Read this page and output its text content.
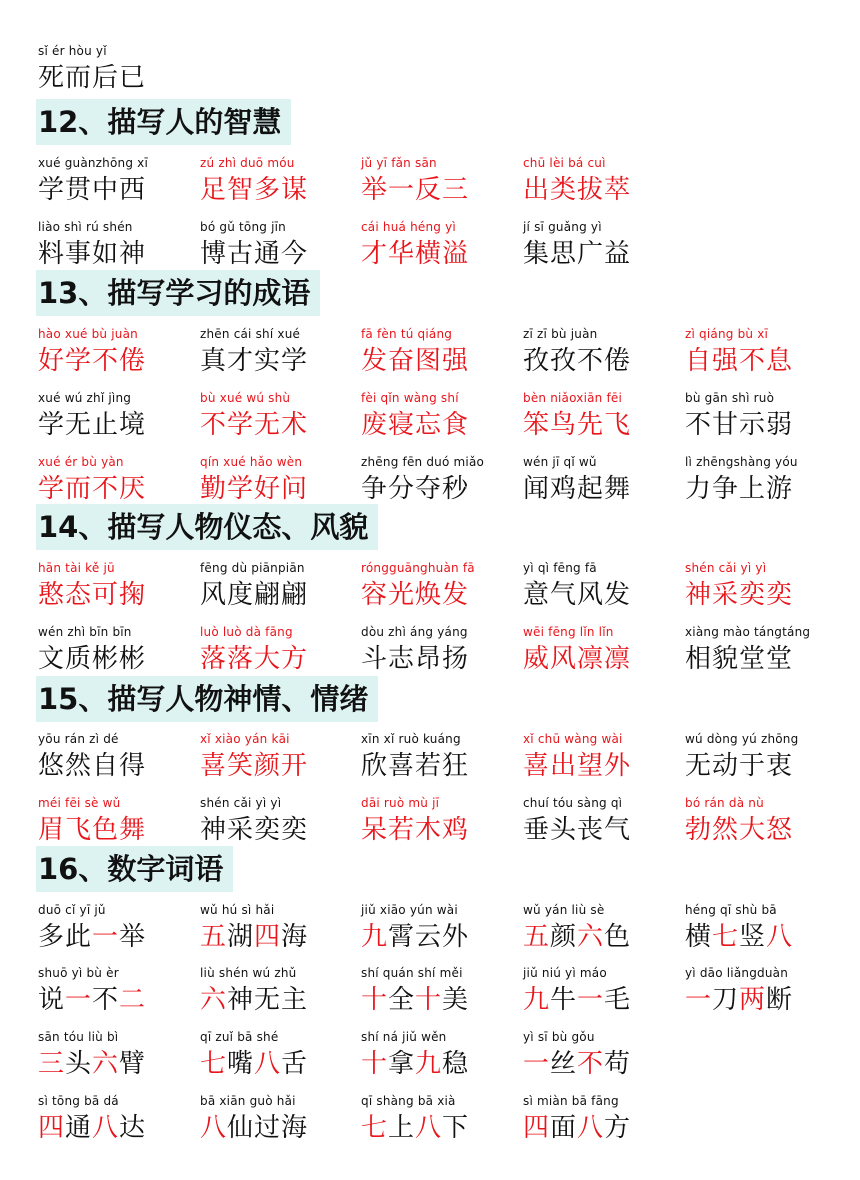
sǐ ér hòu yǐ
死而后已
12、描写人的智慧
xué guànzhōng xī
学贯中西
zú zhì duō móu
足智多谋
jǔ yī fǎn sān
举一反三
chū lèi bá cuì
出类拔萃
liào shì rú shén
料事如神
bó gǔ tōng jīn
博古通今
cái huá héng yì
才华横溢
jí sī guǎng yì
集思广益
13、描写学习的成语
hào xué bù juàn
好学不倦
zhēn cái shí xué
真才实学
fā fèn tú qiáng
发奋图强
zī zī bù juàn
孜孜不倦
zì qiáng bù xī
自强不息
xué wú zhǐ jìng
学无止境
bù xué wú shù
不学无术
fèi qǐn wàng shí
废寝忘食
bèn niǎoxiān fēi
笨鸟先飞
bù gān shì ruò
不甘示弱
xué ér bù yàn
学而不厌
qín xué hǎo wèn
勤学好问
zhēng fēn duó miǎo
争分夺秒
wén jī qǐ wǔ
闻鸡起舞
lì zhēngshàng yóu
力争上游
14、描写人物仪态、风貌
hān tài kě jū
憨态可掬
fēng dù piānpiān
风度翩翩
róngguānghuàn fā
容光焕发
yì qì fēng fā
意气风发
shén cǎi yì yì
神采奕奕
wén zhì bīn bīn
文质彬彬
luò luò dà fāng
落落大方
dòu zhì áng yáng
斗志昂扬
wēi fēng lǐn lǐn
威风凛凛
xiàng mào tángtáng
相貌堂堂
15、描写人物神情、情绪
yōu rán zì dé
悠然自得
xǐ xiào yán kāi
喜笑颜开
xīn xǐ ruò kuáng
欣喜若狂
xǐ chū wàng wài
喜出望外
wú dòng yú zhōng
无动于衷
méi fēi sè wǔ
眉飞色舞
shén cǎi yì yì
神采奕奕
dāi ruò mù jī
呆若木鸡
chuí tóu sàng qì
垂头丧气
bó rán dà nù
勃然大怒
16、数字词语
duō cǐ yī jǔ
多此一举
wǔ hú sì hǎi
五湖四海
jiǔ xiāo yún wài
九霄云外
wǔ yán liù sè
五颜六色
héng qī shù bā
横七竖八
shuō yì bù èr
说一不二
liù shén wú zhǔ
六神无主
shí quán shí měi
十全十美
jiǔ niú yì máo
九牛一毛
yì dāo liǎngduàn
一刀两断
sān tóu liù bì
三头六臂
qī zuǐ bā shé
七嘴八舌
shí ná jiǔ wěn
十拿九稳
yì sī bù gǒu
一丝不苟
sì tōng bā dá
四通八达
bā xiān guò hǎi
八仙过海
qī shàng bā xià
七上八下
sì miàn bā fāng
四面八方
